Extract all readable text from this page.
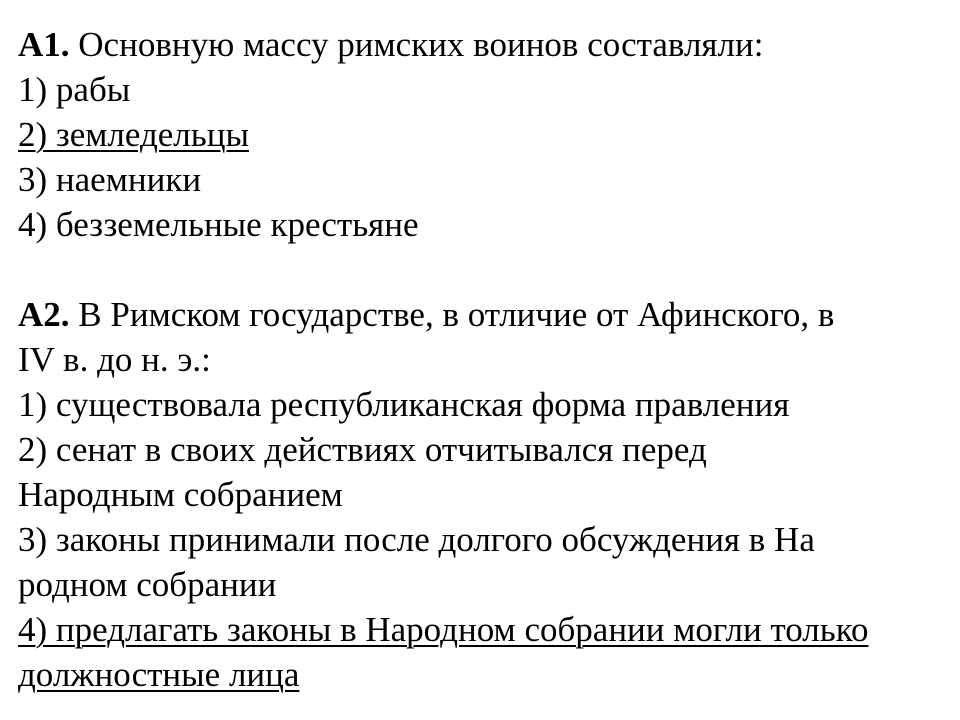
А1. Основную массу римских воинов составляли:

1) рабы

2) земледельцы

3) наемники

4) безземельные крестьяне

А2. В Римском государстве, в отличие от Афинского, в

IV в. до н. э.:

1) существовала республиканская форма правления

2) сенат в своих действиях отчитывался перед

Народным собранием

3) законы принимали после долгого обсуждения в На

родном собрании

4) предлагать законы в Народном собрании могли только

должностные лица
